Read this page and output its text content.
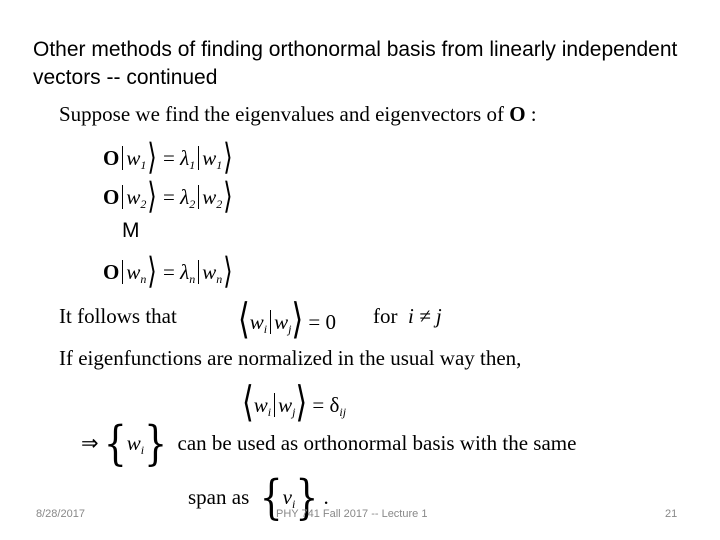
Other methods of finding orthonormal basis from linearly independent vectors -- continued
Suppose we find the eigenvalues and eigenvectors of O :
O $w_1⟩ = \lambda_1$ $w_1⟩$
O $w_2⟩ = \lambda_2$ $w_2⟩$
M
O $w_n⟩ = \lambda_n$ $w_n⟩$
It follows that $⟨w_i$ $w_j⟩ = 0$ for i ≠ j
If eigenfunctions are normalized in the usual way then,
$⟨w_i$ $w_j⟩ = \delta_{ij}$
⇒ $\{w_i\}$ can be used as orthonormal basis with the same
span as $\{v_i\}$ .
8/28/2017	PHY 741 Fall 2017 -- Lecture 1	21
